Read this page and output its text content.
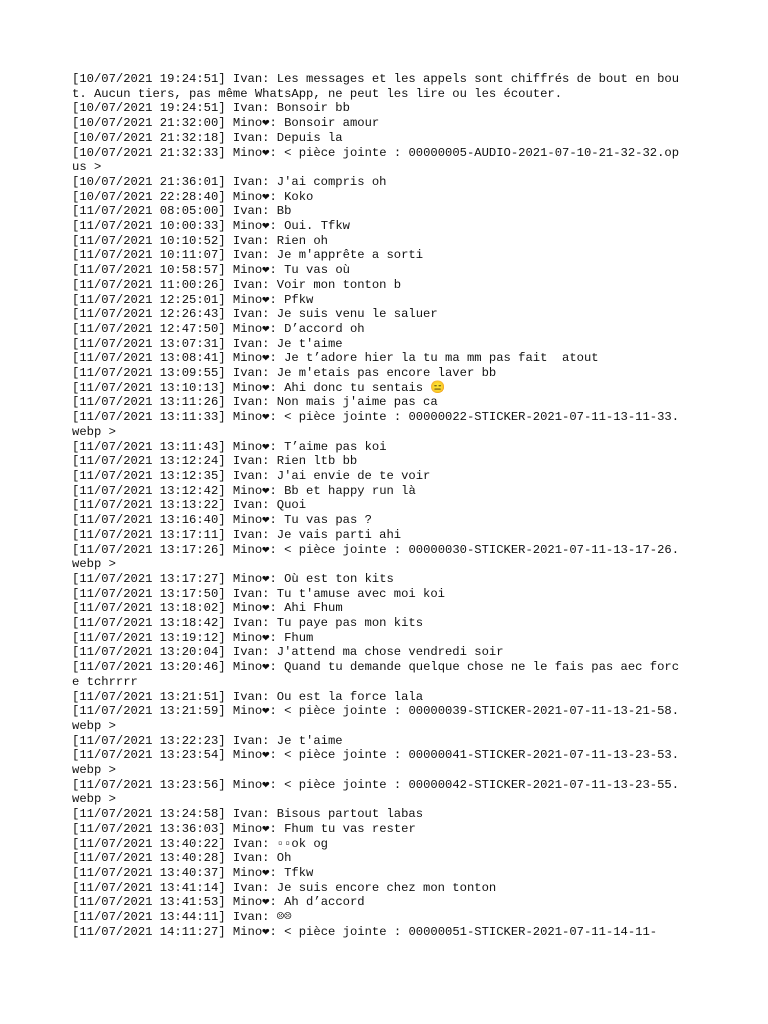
[10/07/2021 19:24:51] Ivan: Les messages et les appels sont chiffrés de bout en bout. Aucun tiers, pas même WhatsApp, ne peut les lire ou les écouter.
[10/07/2021 19:24:51] Ivan: Bonsoir bb
[10/07/2021 21:32:00] Mino❤: Bonsoir amour
[10/07/2021 21:32:18] Ivan: Depuis la
[10/07/2021 21:32:33] Mino❤: < pièce jointe : 00000005-AUDIO-2021-07-10-21-32-32.opus >
[10/07/2021 21:36:01] Ivan: J'ai compris oh
[10/07/2021 22:28:40] Mino❤: Koko
[11/07/2021 08:05:00] Ivan: Bb
[11/07/2021 10:00:33] Mino❤: Oui. Tfkw
[11/07/2021 10:10:52] Ivan: Rien oh
[11/07/2021 10:11:07] Ivan: Je m'apprête a sorti
[11/07/2021 10:58:57] Mino❤: Tu vas où
[11/07/2021 11:00:26] Ivan: Voir mon tonton b
[11/07/2021 12:25:01] Mino❤: Pfkw
[11/07/2021 12:26:43] Ivan: Je suis venu le saluer
[11/07/2021 12:47:50] Mino❤: D’accord oh
[11/07/2021 13:07:31] Ivan: Je t'aime
[11/07/2021 13:08:41] Mino❤: Je t’adore hier la tu ma mm pas fait  atout
[11/07/2021 13:09:55] Ivan: Je m'etais pas encore laver bb
[11/07/2021 13:10:13] Mino❤: Ahi donc tu sentais 😑
[11/07/2021 13:11:26] Ivan: Non mais j'aime pas ca
[11/07/2021 13:11:33] Mino❤: < pièce jointe : 00000022-STICKER-2021-07-11-13-11-33.webp >
[11/07/2021 13:11:43] Mino❤: T’aime pas koi
[11/07/2021 13:12:24] Ivan: Rien ltb bb
[11/07/2021 13:12:35] Ivan: J'ai envie de te voir
[11/07/2021 13:12:42] Mino❤: Bb et happy run là
[11/07/2021 13:13:22] Ivan: Quoi
[11/07/2021 13:16:40] Mino❤: Tu vas pas ?
[11/07/2021 13:17:11] Ivan: Je vais parti ahi
[11/07/2021 13:17:26] Mino❤: < pièce jointe : 00000030-STICKER-2021-07-11-13-17-26.webp >
[11/07/2021 13:17:27] Mino❤: Où est ton kits
[11/07/2021 13:17:50] Ivan: Tu t'amuse avec moi koi
[11/07/2021 13:18:02] Mino❤: Ahi Fhum
[11/07/2021 13:18:42] Ivan: Tu paye pas mon kits
[11/07/2021 13:19:12] Mino❤: Fhum
[11/07/2021 13:20:04] Ivan: J'attend ma chose vendredi soir
[11/07/2021 13:20:46] Mino❤: Quand tu demande quelque chose ne le fais pas aec force tchrrrr
[11/07/2021 13:21:51] Ivan: Ou est la force lala
[11/07/2021 13:21:59] Mino❤: < pièce jointe : 00000039-STICKER-2021-07-11-13-21-58.webp >
[11/07/2021 13:22:23] Ivan: Je t'aime
[11/07/2021 13:23:54] Mino❤: < pièce jointe : 00000041-STICKER-2021-07-11-13-23-53.webp >
[11/07/2021 13:23:56] Mino❤: < pièce jointe : 00000042-STICKER-2021-07-11-13-23-55.webp >
[11/07/2021 13:24:58] Ivan: Bisous partout labas
[11/07/2021 13:36:03] Mino❤: Fhum tu vas rester
[11/07/2021 13:40:22] Ivan: ▫▫ok og
[11/07/2021 13:40:28] Ivan: Oh
[11/07/2021 13:40:37] Mino❤: Tfkw
[11/07/2021 13:41:14] Ivan: Je suis encore chez mon tonton
[11/07/2021 13:41:53] Mino❤: Ah d’accord
[11/07/2021 13:44:11] Ivan: ☹☹
[11/07/2021 14:11:27] Mino❤: < pièce jointe : 00000051-STICKER-2021-07-11-14-11-
